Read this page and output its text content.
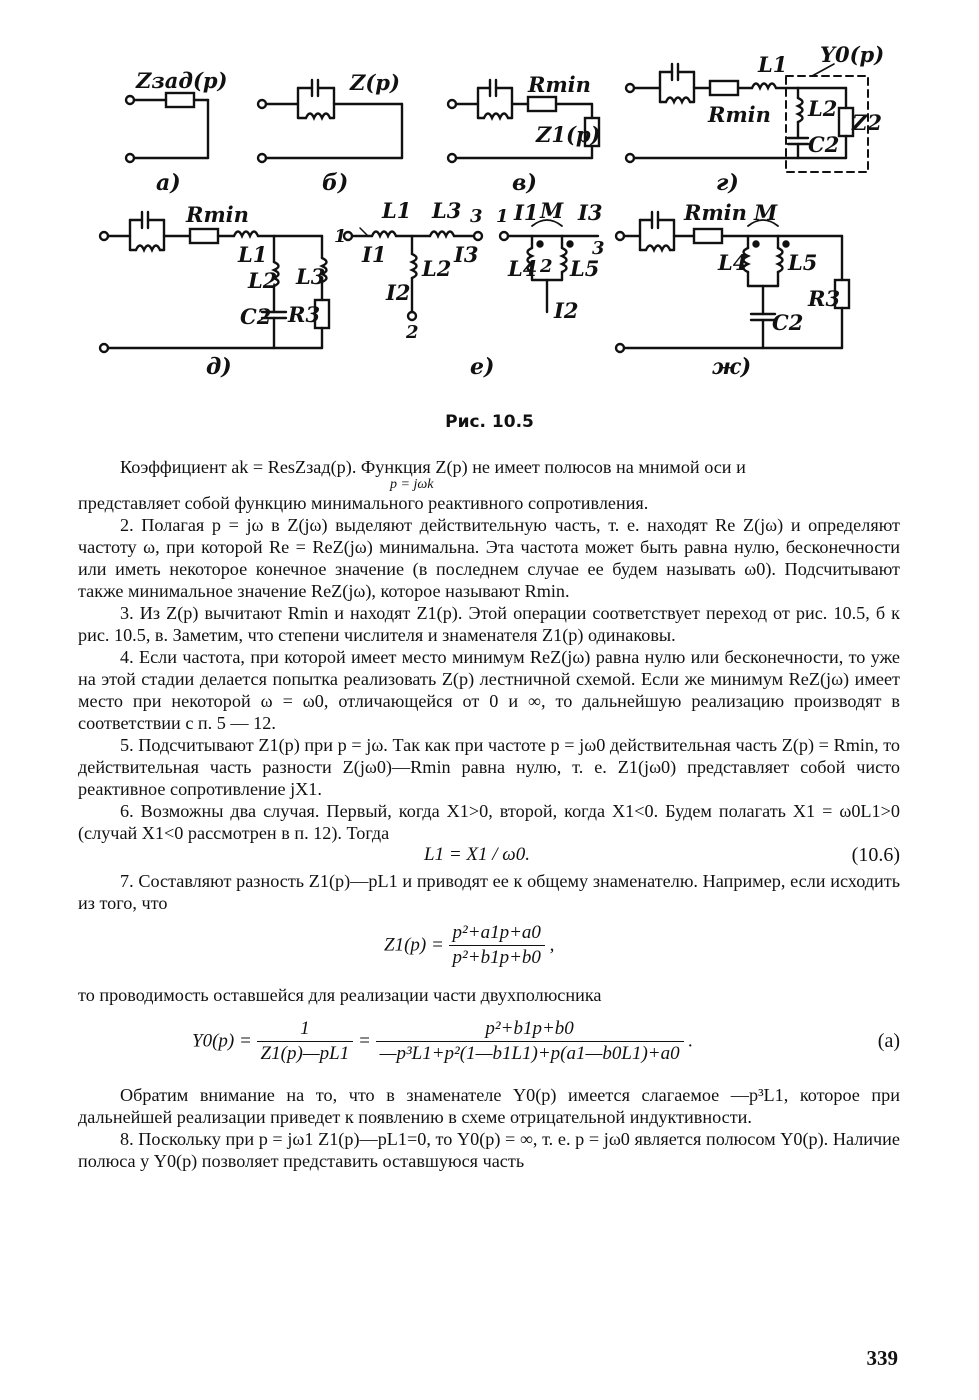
Zзад(p)	Z(p)	Rmin
Z1(p)
Rmin
L1 Y0(p)
L2
C2
Z2
а)	б)	в)	г)
Rmin
L1
L2 L3
C2 R3
д)
1
L1 L3 3
I1	I3
L2
I2
2
е)
1 I1 M I3
3
L4 2 L5
I2
Rmin M
L4 L5
R3
C2
ж)
Рис. 10.5

Коэффициент ak = ResZзад(p). Функция Z(p) не имеет полюсов на мнимой оси и

p = jωk

представляет собой функцию минимального реактивного сопротивления.

2. Полагая p = jω в Z(jω) выделяют действительную часть, т. е. находят Re Z(jω) и определяют частоту ω, при которой Re = ReZ(jω) минимальна. Эта частота может быть равна нулю, бесконечности или иметь некоторое конечное значение (в последнем случае ее будем называть ω0). Подсчитывают также минимальное значение ReZ(jω), которое называют Rmin.

3. Из Z(p) вычитают Rmin и находят Z1(p). Этой операции соответствует переход от рис. 10.5, б к рис. 10.5, в. Заметим, что степени числителя и знаменателя Z1(p) одинаковы.

4. Если частота, при которой имеет место минимум ReZ(jω) равна нулю или бесконечности, то уже на этой стадии делается попытка реализовать Z(p) лестничной схемой. Если же минимум ReZ(jω) имеет место при некоторой ω = ω0, отличающейся от 0 и ∞, то дальнейшую реализацию производят в соответствии с п. 5 — 12.

5. Подсчитывают Z1(p) при p = jω. Так как при частоте p = jω0 действительная часть Z(p) = Rmin, то действительная часть разности Z(jω0)—Rmin равна нулю, т. е. Z1(jω0) представляет собой чисто реактивное сопротивление jX1.

6. Возможны два случая. Первый, когда X1>0, второй, когда X1<0. Будем полагать X1 = ω0L1>0 (случай X1<0 рассмотрен в п. 12). Тогда

L1 = X1 / ω0.	(10.6)

7. Составляют разность Z1(p)—pL1 и приводят ее к общему знаменателю. Например, если исходить из того, что

$Z1(p) = \frac{\text{p²+a1p+a0}}{\text{p²+b1p+b0}}$ ,

то проводимость оставшейся для реализации части двухполюсника

$Y0(p) = \frac{1}{Z1(p)—pL1} = \frac{\text{p²+b1p+b0}}{\text{—p³L1+p²(1—b1L1)+p(a1—b0L1)+a0}}$ .	(a)

Обратим внимание на то, что в знаменателе Y0(p) имеется слагаемое —p³L1, которое при дальнейшей реализации приведет к появлению в схеме отрицательной индуктивности.

8. Поскольку при p = jω1 Z1(p)—pL1=0, то Y0(p) = ∞, т. е. p = jω0 является полюсом Y0(p). Наличие полюса у Y0(p) позволяет представить оставшуюся часть

339
